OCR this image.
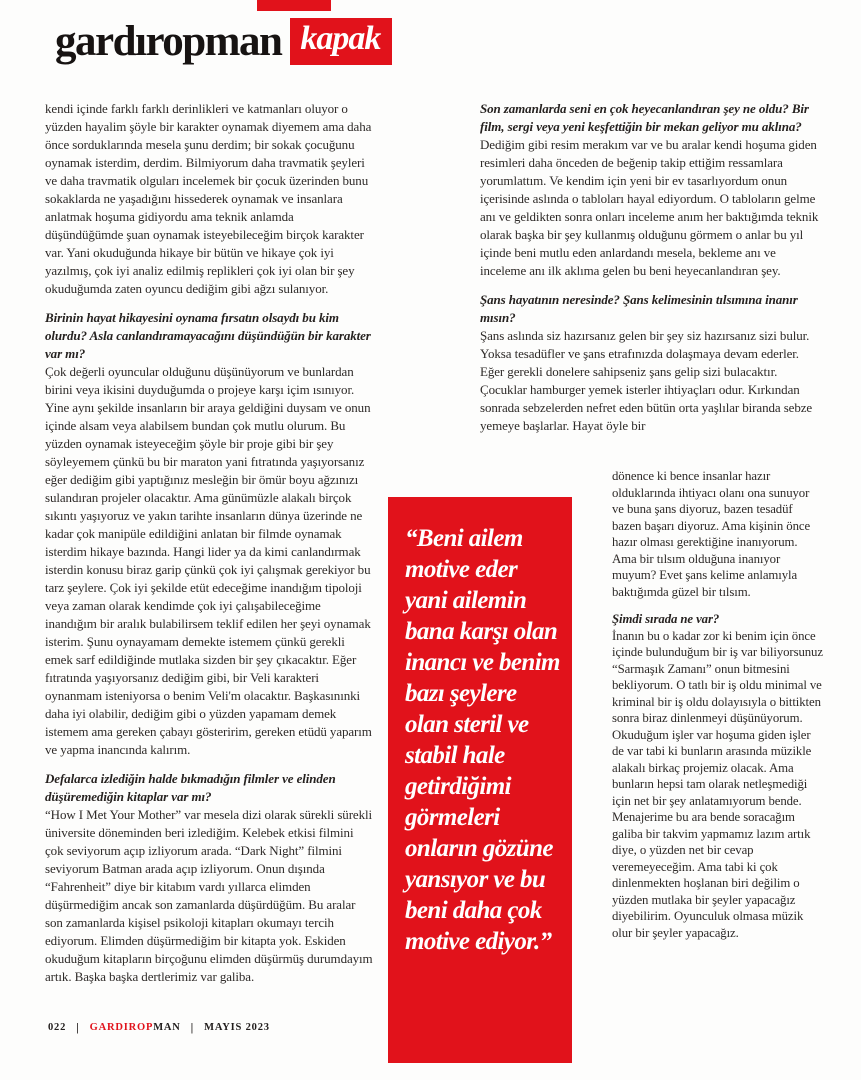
gardıropman kapak

kendi içinde farklı farklı derinlikleri ve katmanları oluyor o yüzden hayalim şöyle bir karakter oynamak diyemem ama daha önce sorduklarında mesela şunu derdim; bir sokak çocuğunu oynamak isterdim, derdim. Bilmiyorum daha travmatik şeyleri ve daha travmatik olguları incelemek bir çocuk üzerinden bunu sokaklarda ne yaşadığını hissederek oynamak ve insanlara anlatmak hoşuma gidiyordu ama teknik anlamda düşündüğümde şuan oynamak isteyebileceğim birçok karakter var. Yani okuduğunda hikaye bir bütün ve hikaye çok iyi yazılmış, çok iyi analiz edilmiş replikleri çok iyi olan bir şey okuduğumda zaten oyuncu dediğim gibi ağzı sulanıyor.

Birinin hayat hikayesini oynama fırsatın olsaydı bu kim olurdu? Asla canlandıramayacağını düşündüğün bir karakter var mı?

Çok değerli oyuncular olduğunu düşünüyorum ve bunlardan birini veya ikisini duyduğumda o projeye karşı içim ısınıyor. Yine aynı şekilde insanların bir araya geldiğini duysam ve onun içinde alsam veya alabilsem bundan çok mutlu olurum. Bu yüzden oynamak isteyeceğim şöyle bir proje gibi bir şey söyleyemem çünkü bu bir maraton yani fıtratında yaşıyorsanız eğer dediğim gibi yaptığınız mesleğin bir ömür boyu ağzınızı sulandıran projeler olacaktır. Ama günümüzle alakalı birçok sıkıntı yaşıyoruz ve yakın tarihte insanların dünya üzerinde ne kadar çok manipüle edildiğini anlatan bir filmde oynamak isterdim hikaye bazında. Hangi lider ya da kimi canlandırmak isterdin konusu biraz garip çünkü çok iyi çalışmak gerekiyor bu tarz şeylere. Çok iyi şekilde etüt edeceğime inandığım tipoloji veya zaman olarak kendimde çok iyi çalışabileceğime inandığım bir aralık bulabilirsem teklif edilen her şeyi oynamak isterim. Şunu oynayamam demekte istemem çünkü gerekli emek sarf edildiğinde mutlaka sizden bir şey çıkacaktır. Eğer fıtratında yaşıyorsanız dediğim gibi, bir Veli karakteri oynanmam isteniyorsa o benim Veli'm olacaktır. Başkasınınki daha iyi olabilir, dediğim gibi o yüzden yapamam demek istemem ama gereken çabayı gösteririm, gereken etüdü yaparım ve yapma inancında kalırım.

Defalarca izlediğin halde bıkmadığın filmler ve elinden düşüremediğin kitaplar var mı?

“How I Met Your Mother” var mesela dizi olarak sürekli sürekli üniversite döneminden beri izlediğim. Kelebek etkisi filmini çok seviyorum açıp izliyorum arada. “Dark Night” filmini seviyorum Batman arada açıp izliyorum. Onun dışında “Fahrenheit” diye bir kitabım vardı yıllarca elimden düşürmediğim ancak son zamanlarda düşürdüğüm. Bu aralar son zamanlarda kişisel psikoloji kitapları okumayı tercih ediyorum. Elimden düşürmediğim bir kitapta yok. Eskiden okuduğum kitapların birçoğunu elimden düşürmüş durumdayım artık. Başka başka dertlerimiz var galiba.

Son zamanlarda seni en çok heyecanlandıran şey ne oldu? Bir film, sergi veya yeni keşfettiğin bir mekan geliyor mu aklına?

Dediğim gibi resim merakım var ve bu aralar kendi hoşuma giden resimleri daha önceden de beğenip takip ettiğim ressamlara yorumlattım. Ve kendim için yeni bir ev tasarlıyordum onun içerisinde aslında o tabloları hayal ediyordum. O tabloların gelme anı ve geldikten sonra onları inceleme anım her baktığımda teknik olarak başka bir şey kullanmış olduğunu görmem o anlar bu yıl içinde beni mutlu eden anlardandı mesela, bekleme anı ve inceleme anı ilk aklıma gelen bu beni heyecanlandıran şey.

Şans hayatının neresinde? Şans kelimesinin tılsımına inanır mısın?

Şans aslında siz hazırsanız gelen bir şey siz hazırsanız sizi bulur. Yoksa tesadüfler ve şans etrafınızda dolaşmaya devam ederler. Eğer gerekli donelere sahipseniz şans gelip sizi bulacaktır. Çocuklar hamburger yemek isterler ihtiyaçları odur. Kırkından sonrada sebzelerden nefret eden bütün orta yaşlılar biranda sebze yemeye başlarlar. Hayat öyle bir

dönence ki bence insanlar hazır olduklarında ihtiyacı olanı ona sunuyor ve buna şans diyoruz, bazen tesadüf bazen başarı diyoruz. Ama kişinin önce hazır olması gerektiğine inanıyorum. Ama bir tılsım olduğuna inanıyor muyum? Evet şans kelime anlamıyla baktığımda güzel bir tılsım.

Şimdi sırada ne var?

İnanın bu o kadar zor ki benim için önce içinde bulunduğum bir iş var biliyorsunuz “Sarmaşık Zamanı” onun bitmesini bekliyorum. O tatlı bir iş oldu minimal ve kriminal bir iş oldu dolayısıyla o bittikten sonra biraz dinlenmeyi düşünüyorum. Okuduğum işler var hoşuma giden işler de var tabi ki bunların arasında müzikle alakalı birkaç projemiz olacak. Ama bunların hepsi tam olarak netleşmediği için net bir şey anlatamıyorum bende. Menajerime bu ara bende soracağım galiba bir takvim yapmamız lazım artık diye, o yüzden net bir cevap veremeyeceğim. Ama tabi ki çok dinlenmekten hoşlanan biri değilim o yüzden mutlaka bir şeyler yapacağız diyebilirim. Oyunculuk olmasa müzik olur bir şeyler yapacağız.

“Beni ailem motive eder yani ailemin bana karşı olan inancı ve benim bazı şeylere olan steril ve stabil hale getirdiğimi görmeleri onların gözüne yansıyor ve bu beni daha çok motive ediyor.”

022 | GARDIROPMAN | MAYIS 2023
